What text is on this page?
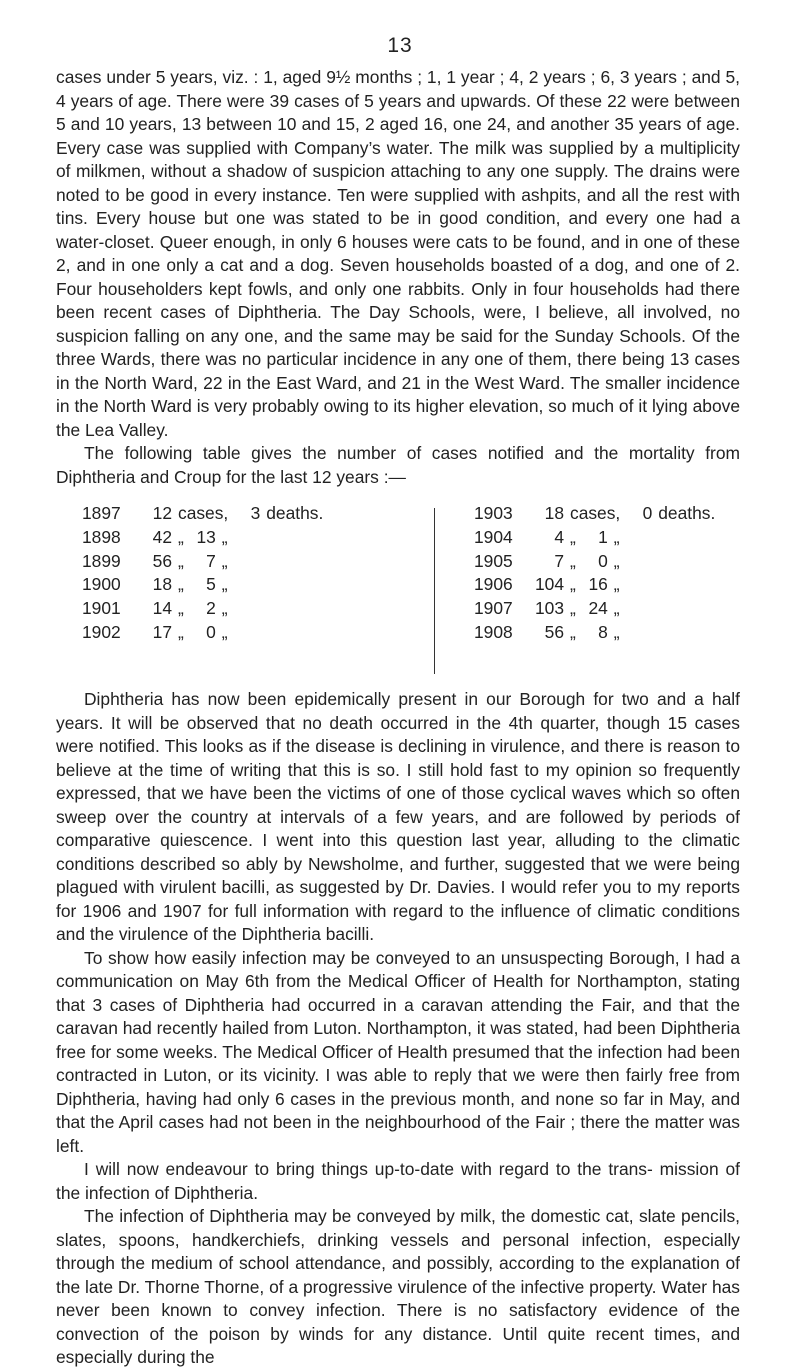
13

cases under 5 years, viz. : 1, aged 9½ months ; 1, 1 year ; 4, 2 years ; 6, 3 years ; and 5, 4 years of age. There were 39 cases of 5 years and upwards. Of these 22 were between 5 and 10 years, 13 between 10 and 15, 2 aged 16, one 24, and another 35 years of age. Every case was supplied with Company’s water. The milk was supplied by a multiplicity of milkmen, without a shadow of suspicion attaching to any one supply. The drains were noted to be good in every instance. Ten were supplied with ashpits, and all the rest with tins. Every house but one was stated to be in good condition, and every one had a water-closet. Queer enough, in only 6 houses were cats to be found, and in one of these 2, and in one only a cat and a dog. Seven households boasted of a dog, and one of 2. Four householders kept fowls, and only one rabbits. Only in four households had there been recent cases of Diphtheria. The Day Schools, were, I believe, all involved, no suspicion falling on any one, and the same may be said for the Sunday Schools. Of the three Wards, there was no particular incidence in any one of them, there being 13 cases in the North Ward, 22 in the East Ward, and 21 in the West Ward. The smaller incidence in the North Ward is very probably owing to its higher elevation, so much of it lying above the Lea Valley.

The following table gives the number of cases notified and the mortality from Diphtheria and Croup for the last 12 years :—

1897 12 cases, 3 deaths.
1898 42 „ 13 „
1899 56 „ 7 „
1900 18 „ 5 „
1901 14 „ 2 „
1902 17 „ 0 „
1903 18 cases, 0 deaths.
1904 4 „ 1 „
1905 7 „ 0 „
1906 104 „ 16 „
1907 103 „ 24 „
1908 56 „ 8 „

Diphtheria has now been epidemically present in our Borough for two and a half years. It will be observed that no death occurred in the 4th quarter, though 15 cases were notified. This looks as if the disease is declining in virulence, and there is reason to believe at the time of writing that this is so. I still hold fast to my opinion so frequently expressed, that we have been the victims of one of those cyclical waves which so often sweep over the country at intervals of a few years, and are followed by periods of comparative quiescence. I went into this question last year, alluding to the climatic conditions described so ably by Newsholme, and further, suggested that we were being plagued with virulent bacilli, as suggested by Dr. Davies. I would refer you to my reports for 1906 and 1907 for full information with regard to the influence of climatic conditions and the virulence of the Diphtheria bacilli.

To show how easily infection may be conveyed to an unsuspecting Borough, I had a communication on May 6th from the Medical Officer of Health for Northampton, stating that 3 cases of Diphtheria had occurred in a caravan attending the Fair, and that the caravan had recently hailed from Luton. Northampton, it was stated, had been Diphtheria free for some weeks. The Medical Officer of Health presumed that the infection had been contracted in Luton, or its vicinity. I was able to reply that we were then fairly free from Diphtheria, having had only 6 cases in the previous month, and none so far in May, and that the April cases had not been in the neighbourhood of the Fair ; there the matter was left.

I will now endeavour to bring things up-to-date with regard to the trans- mission of the infection of Diphtheria.

The infection of Diphtheria may be conveyed by milk, the domestic cat, slate pencils, slates, spoons, handkerchiefs, drinking vessels and personal infection, especially through the medium of school attendance, and possibly, according to the explanation of the late Dr. Thorne Thorne, of a progressive virulence of the infective property. Water has never been known to convey infection. There is no satisfactory evidence of the convection of the poison by winds for any distance. Until quite recent times, and especially during the
